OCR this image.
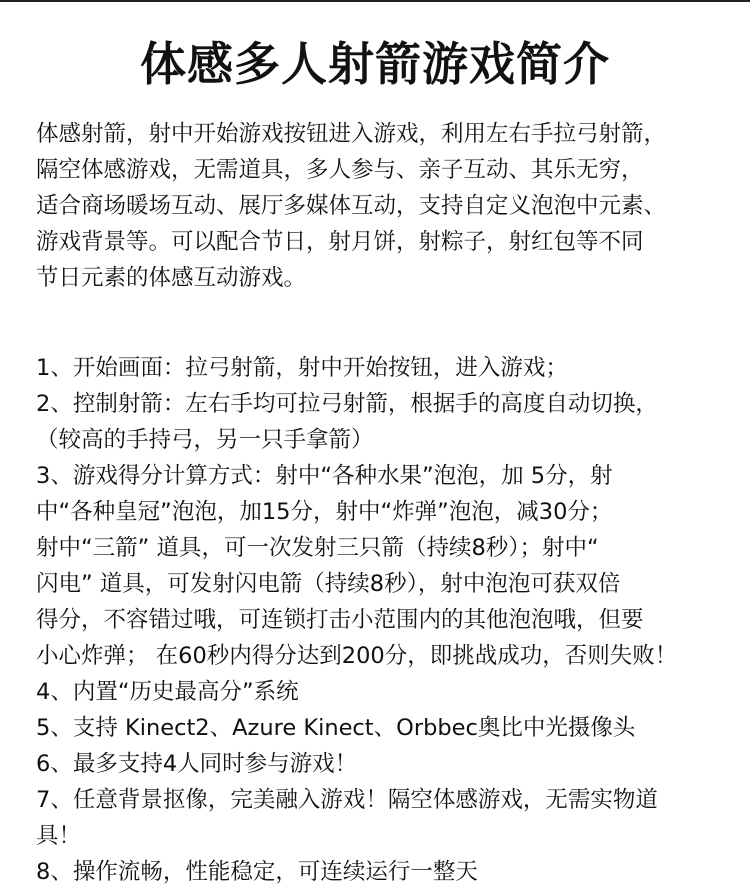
体感多人射箭游戏简介

体感射箭，射中开始游戏按钮进入游戏，利用左右手拉弓射箭，
隔空体感游戏，无需道具，多人参与、亲子互动、其乐无穷，
适合商场暖场互动、展厅多媒体互动，支持自定义泡泡中元素、
游戏背景等。可以配合节日，射月饼，射粽子，射红包等不同
节日元素的体感互动游戏。

1、开始画面：拉弓射箭，射中开始按钮，进入游戏；
2、控制射箭：左右手均可拉弓射箭，根据手的高度自动切换，
（较高的手持弓，另一只手拿箭）
3、游戏得分计算方式：射中“各种水果”泡泡，加 5分，射
中“各种皇冠”泡泡，加15分，射中“炸弹”泡泡，减30分；
射中“三箭” 道具，可一次发射三只箭（持续8秒）；射中“
闪电” 道具，可发射闪电箭（持续8秒），射中泡泡可获双倍
得分，不容错过哦，可连锁打击小范围内的其他泡泡哦，但要
小心炸弹； 在60秒内得分达到200分，即挑战成功，否则失败！
4、内置“历史最高分”系统
5、支持 Kinect2、Azure Kinect、Orbbec奥比中光摄像头
6、最多支持4人同时参与游戏！
7、任意背景抠像，完美融入游戏！隔空体感游戏，无需实物道
具！
8、操作流畅，性能稳定，可连续运行一整天
